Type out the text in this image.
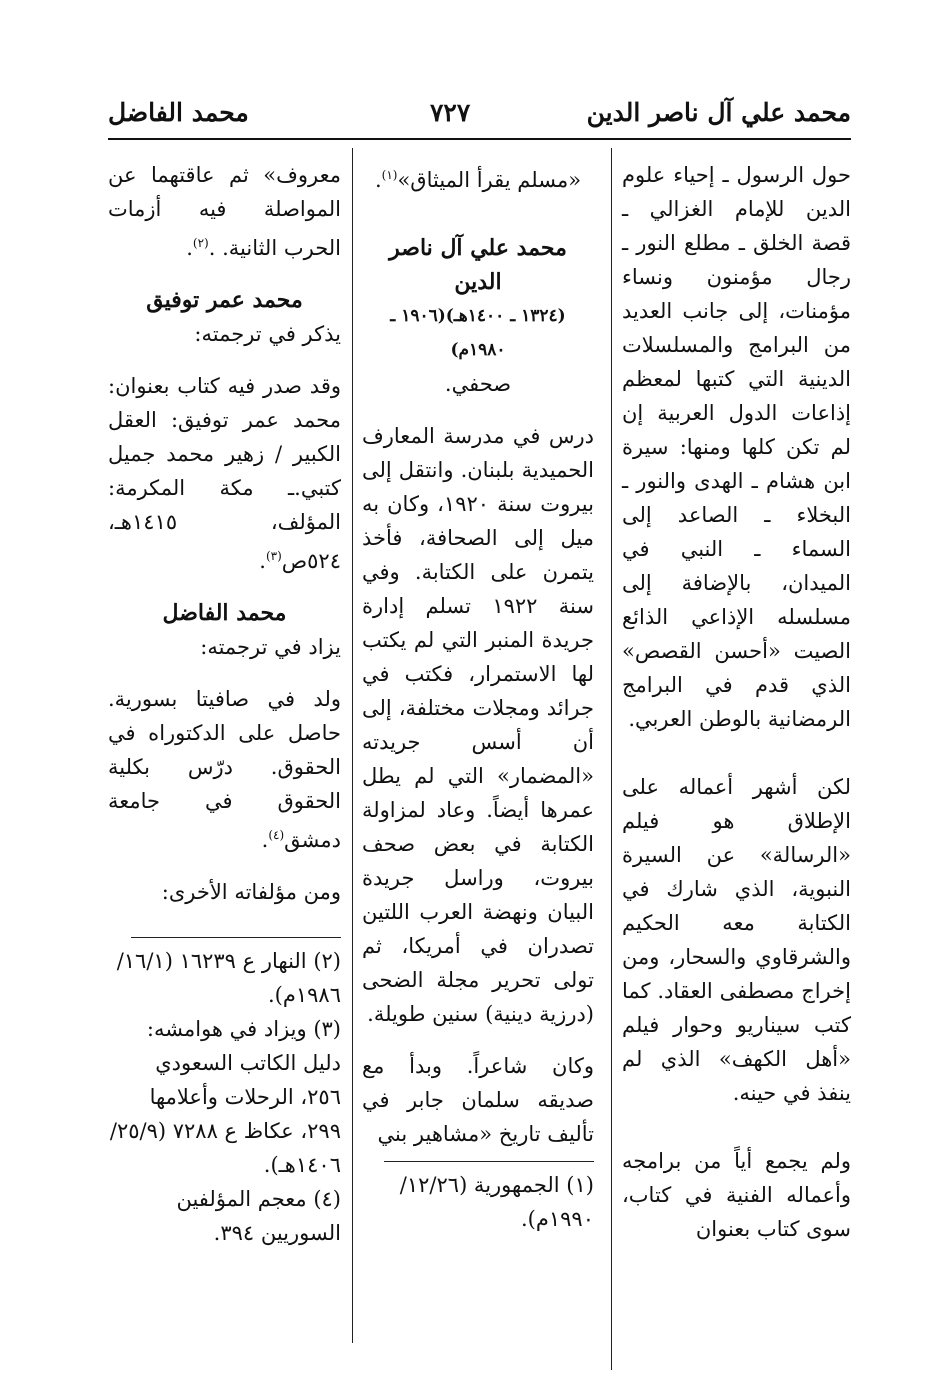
محمد علي آل ناصر الدين
٧٢٧
محمد الفاضل

حول الرسول ـ إحياء علوم الدين للإمام الغزالي ـ قصة الخلق ـ مطلع النور ـ رجال مؤمنون ونساء مؤمنات، إلى جانب العديد من البرامج والمسلسلات الدينية التي كتبها لمعظم إذاعات الدول العربية إن لم تكن كلها ومنها: سيرة ابن هشام ـ الهدى والنور ـ البخلاء ـ الصاعد إلى السماء ـ النبي في الميدان، بالإضافة إلى مسلسله الإذاعي الذائع الصيت «أحسن القصص» الذي قدم في البرامج الرمضانية بالوطن العربي.

لكن أشهر أعماله على الإطلاق هو فيلم «الرسالة» عن السيرة النبوية، الذي شارك في الكتابة معه الحكيم والشرقاوي والسحار، ومن إخراج مصطفى العقاد. كما كتب سيناريو وحوار فيلم «أهل الكهف» الذي لم ينفذ في حينه.

ولم يجمع أياً من برامجه وأعماله الفنية في كتاب، سوى كتاب بعنوان

«مسلم يقرأ الميثاق»$^{(١)}$.

محمد علي آل ناصر الدين

(١٣٢٤ ـ ١٤٠٠هـ)(١٩٠٦ ـ ١٩٨٠م)

صحفي.

درس في مدرسة المعارف الحميدية بلبنان. وانتقل إلى بيروت سنة ١٩٢٠، وكان به ميل إلى الصحافة، فأخذ يتمرن على الكتابة. وفي سنة ١٩٢٢ تسلم إدارة جريدة المنبر التي لم يكتب لها الاستمرار، فكتب في جرائد ومجلات مختلفة، إلى أن أسس جريدته «المضمار» التي لم يطل عمرها أيضاً. وعاد لمزاولة الكتابة في بعض صحف بيروت، وراسل جريدة البيان ونهضة العرب اللتين تصدران في أمريكا، ثم تولى تحرير مجلة الضحى (درزية دينية) سنين طويلة.

وكان شاعراً. وبدأ مع صديقه سلمان جابر في تأليف تاريخ «مشاهير بني

(١) الجمهورية (١٢/٢٦/ ١٩٩٠م).

معروف» ثم عاقتهما عن المواصلة فيه أزمات الحرب الثانية. .$^{(٢)}$.

محمد عمر توفيق

يذكر في ترجمته:

وقد صدر فيه كتاب بعنوان: محمد عمر توفيق: العقل الكبير / زهير محمد جميل كتبي.ـ مكة المكرمة: المؤلف، ١٤١٥هـ، ٥٢٤ص$^{(٣)}$.

محمد الفاضل

يزاد في ترجمته:

ولد في صافيتا بسورية. حاصل على الدكتوراه في الحقوق. درّس بكلية الحقوق في جامعة دمشق$^{(٤)}$.

ومن مؤلفاته الأخرى:

(٢) النهار ع ١٦٢٣٩ (١٦/١/ ١٩٨٦م).

(٣) ويزاد في هوامشه: دليل الكاتب السعودي ٢٥٦، الرحلات وأعلامها ٢٩٩، عكاظ ع ٧٢٨٨ (٢٥/٩/ ١٤٠٦هـ).

(٤) معجم المؤلفين السوريين ٣٩٤.
